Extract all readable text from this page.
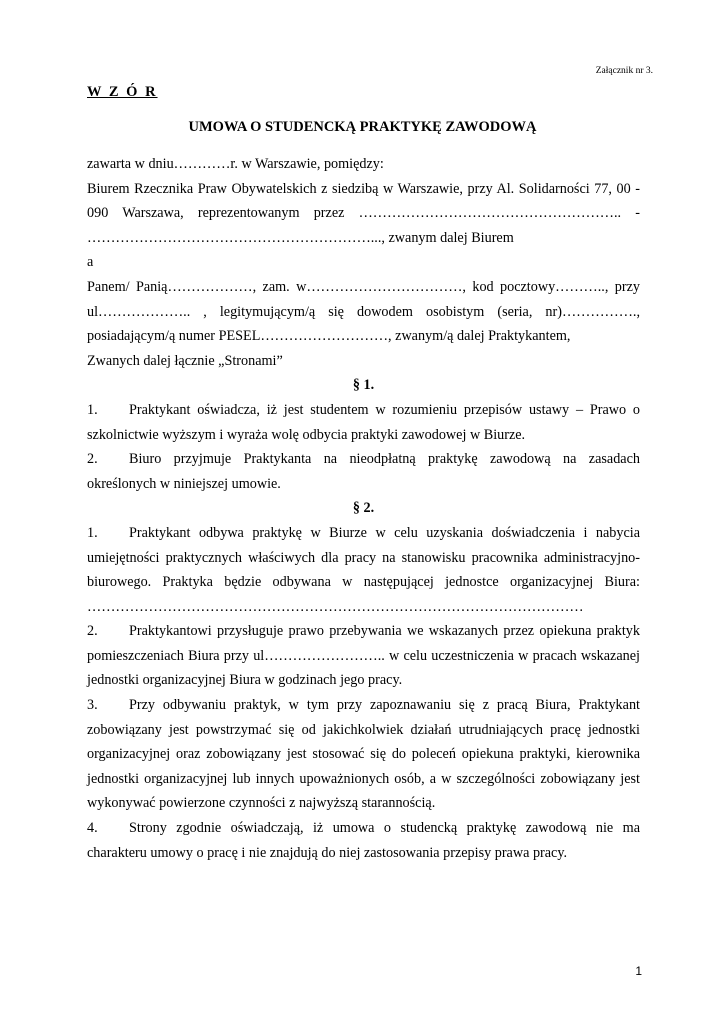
Załącznik nr 3.
W Z Ó R
UMOWA O STUDENCKĄ PRAKTYKĘ ZAWODOWĄ

zawarta w dniu…………r. w Warszawie, pomiędzy:

Biurem Rzecznika Praw Obywatelskich z siedzibą w Warszawie, przy Al. Solidarności 77, 00 - 090 Warszawa, reprezentowanym przez ……………………………………………….. - ……………………………………………………..., zwanym dalej Biurem

a

Panem/ Panią………………, zam. w……………………………, kod pocztowy……….., przy ul……………….. , legitymującym/ą się dowodem osobistym (seria, nr)……………., posiadającym/ą numer PESEL………………………, zwanym/ą dalej Praktykantem,

Zwanych dalej łącznie „Stronami”

§ 1.

1. Praktykant oświadcza, iż jest studentem w rozumieniu przepisów ustawy – Prawo o szkolnictwie wyższym i wyraża wolę odbycia praktyki zawodowej w Biurze.

2. Biuro przyjmuje Praktykanta na nieodpłatną praktykę zawodową na zasadach określonych w niniejszej umowie.

§ 2.

1. Praktykant odbywa praktykę w Biurze w celu uzyskania doświadczenia i nabycia umiejętności praktycznych właściwych dla pracy na stanowisku pracownika administracyjno-biurowego. Praktyka będzie odbywana w następującej jednostce organizacyjnej Biura: ……………………………………………………………………………………………

2. Praktykantowi przysługuje prawo przebywania we wskazanych przez opiekuna praktyk pomieszczeniach Biura przy ul…………………….. w celu uczestniczenia w pracach wskazanej jednostki organizacyjnej Biura w godzinach jego pracy.

3. Przy odbywaniu praktyk, w tym przy zapoznawaniu się z pracą Biura, Praktykant zobowiązany jest powstrzymać się od jakichkolwiek działań utrudniających pracę jednostki organizacyjnej oraz zobowiązany jest stosować się do poleceń opiekuna praktyki, kierownika jednostki organizacyjnej lub innych upoważnionych osób, a w szczególności zobowiązany jest wykonywać powierzone czynności z najwyższą starannością.

4. Strony zgodnie oświadczają, iż umowa o studencką praktykę zawodową nie ma charakteru umowy o pracę i nie znajdują do niej zastosowania przepisy prawa pracy.

1
